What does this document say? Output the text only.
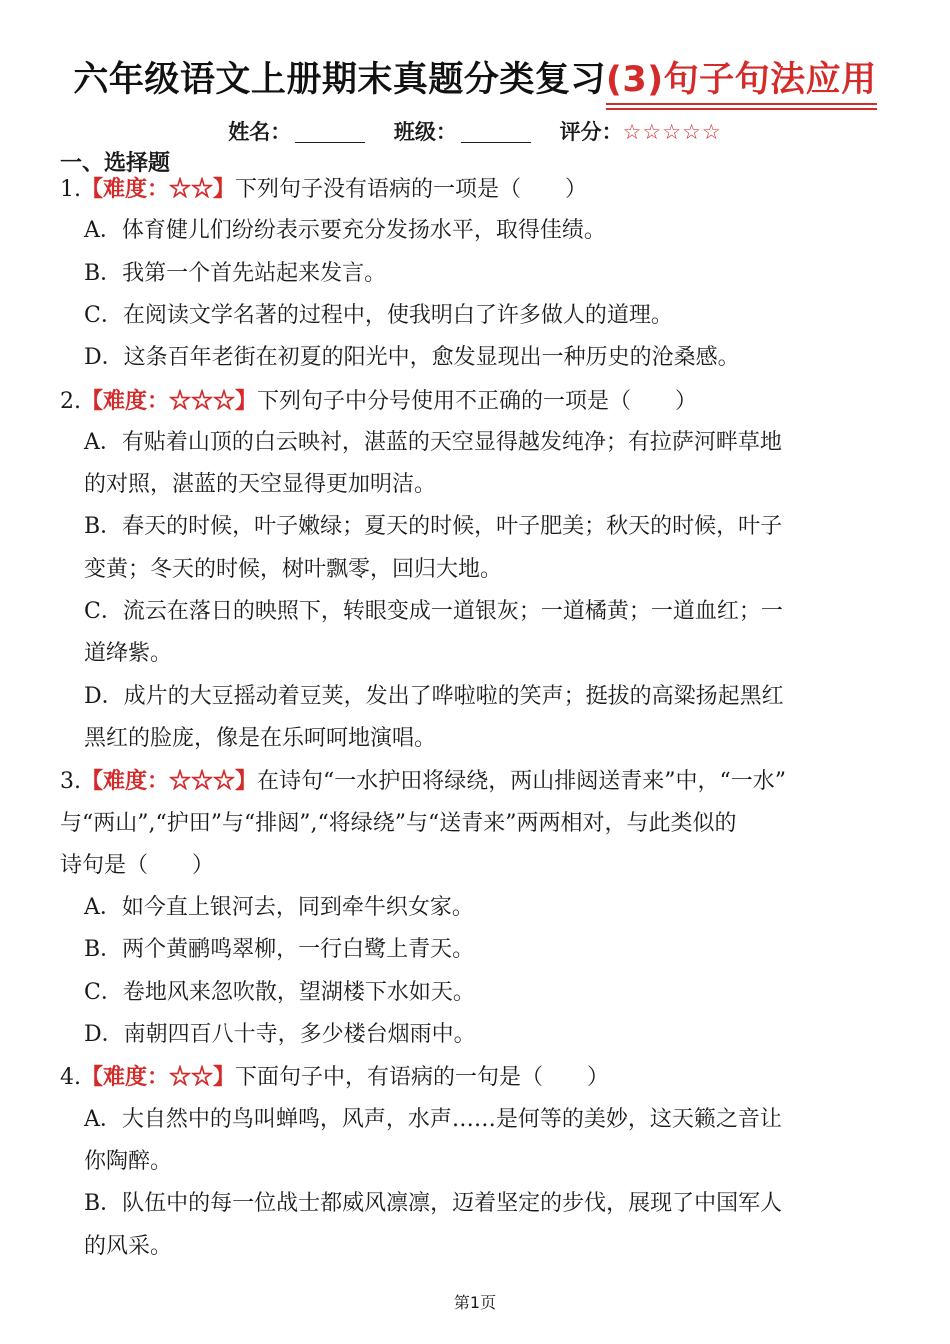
六年级语文上册期末真题分类复习(3)句子句法应用
姓名：	班级：	评分：☆☆☆☆☆
一、选择题
1.【难度：☆☆】下列句子没有语病的一项是（　　）
A．体育健儿们纷纷表示要充分发扬水平，取得佳绩。
B．我第一个首先站起来发言。
C．在阅读文学名著的过程中，使我明白了许多做人的道理。
D．这条百年老街在初夏的阳光中，愈发显现出一种历史的沧桑感。
2.【难度：☆☆☆】下列句子中分号使用不正确的一项是（　　）
A．有贴着山顶的白云映衬，湛蓝的天空显得越发纯净；有拉萨河畔草地
的对照，湛蓝的天空显得更加明洁。
B．春天的时候，叶子嫩绿；夏天的时候，叶子肥美；秋天的时候，叶子
变黄；冬天的时候，树叶飘零，回归大地。
C．流云在落日的映照下，转眼变成一道银灰；一道橘黄；一道血红；一
道绛紫。
D．成片的大豆摇动着豆荚，发出了哗啦啦的笑声；挺拔的高粱扬起黑红
黑红的脸庞，像是在乐呵呵地演唱。
3.【难度：☆☆☆】在诗句“一水护田将绿绕，两山排闼送青来”中，“一水”
与“两山”,“护田”与“排闼”,“将绿绕”与“送青来”两两相对，与此类似的
诗句是（　　）
A．如今直上银河去，同到牵牛织女家。
B．两个黄鹂鸣翠柳，一行白鹭上青天。
C．卷地风来忽吹散，望湖楼下水如天。
D．南朝四百八十寺，多少楼台烟雨中。
4.【难度：☆☆】下面句子中，有语病的一句是（　　）
A．大自然中的鸟叫蝉鸣，风声，水声……是何等的美妙，这天籁之音让
你陶醉。
B．队伍中的每一位战士都威风凛凛，迈着坚定的步伐，展现了中国军人
的风采。
第1页
